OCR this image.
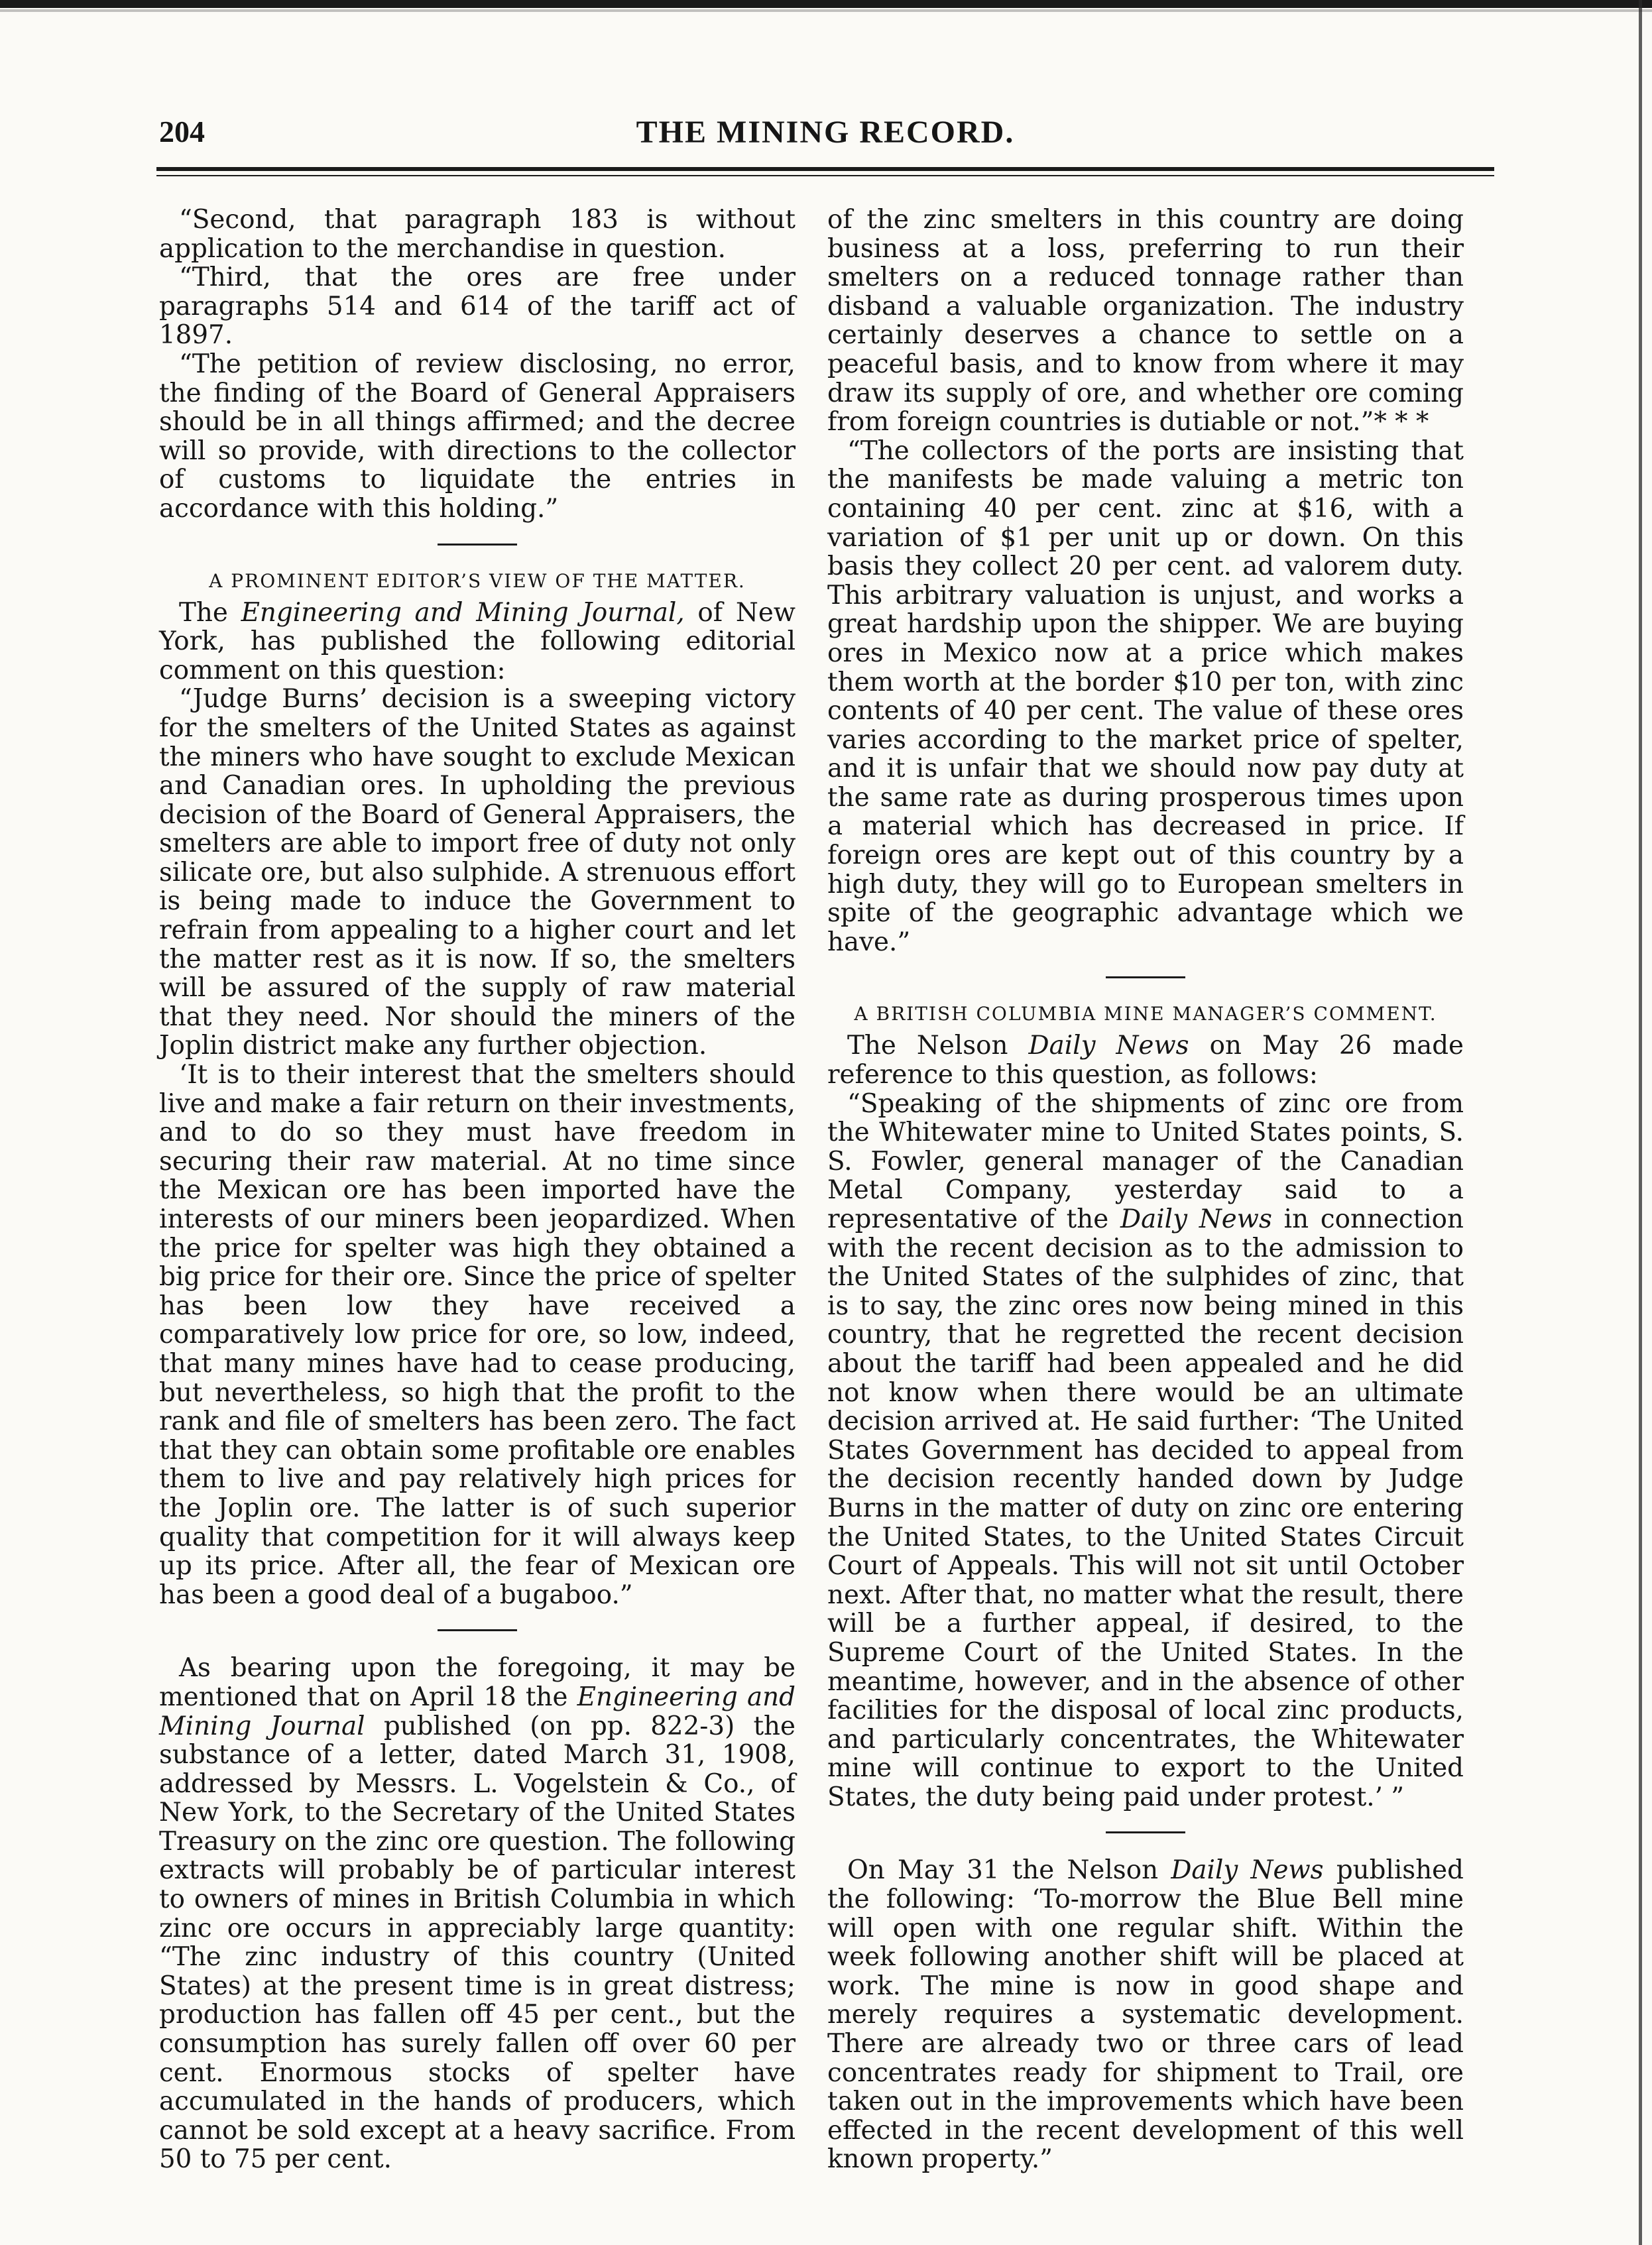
204	THE MINING RECORD.

“Second, that paragraph 183 is without application to the merchandise in question.

“Third, that the ores are free under paragraphs 514 and 614 of the tariff act of 1897.

“The petition of review disclosing, no error, the finding of the Board of General Appraisers should be in all things affirmed; and the decree will so provide, with directions to the collector of customs to liquidate the entries in accordance with this holding.”

A PROMINENT EDITOR’S VIEW OF THE MATTER.

The Engineering and Mining Journal, of New York, has published the following editorial comment on this question:

“Judge Burns’ decision is a sweeping victory for the smelters of the United States as against the miners who have sought to exclude Mexican and Canadian ores. In upholding the previous decision of the Board of General Appraisers, the smelters are able to import free of duty not only silicate ore, but also sulphide. A strenuous effort is being made to induce the Government to refrain from appealing to a higher court and let the matter rest as it is now. If so, the smelters will be assured of the supply of raw material that they need. Nor should the miners of the Joplin district make any further objection.

‘It is to their interest that the smelters should live and make a fair return on their investments, and to do so they must have freedom in securing their raw material. At no time since the Mexican ore has been imported have the interests of our miners been jeopardized. When the price for spelter was high they obtained a big price for their ore. Since the price of spelter has been low they have received a comparatively low price for ore, so low, indeed, that many mines have had to cease producing, but nevertheless, so high that the profit to the rank and file of smelters has been zero. The fact that they can obtain some profitable ore enables them to live and pay relatively high prices for the Joplin ore. The latter is of such superior quality that competition for it will always keep up its price. After all, the fear of Mexican ore has been a good deal of a bugaboo.”

As bearing upon the foregoing, it may be mentioned that on April 18 the Engineering and Mining Journal published (on pp. 822-3) the substance of a letter, dated March 31, 1908, addressed by Messrs. L. Vogelstein & Co., of New York, to the Secretary of the United States Treasury on the zinc ore question. The following extracts will probably be of particular interest to owners of mines in British Columbia in which zinc ore occurs in appreciably large quantity: “The zinc industry of this country (United States) at the present time is in great distress; production has fallen off 45 per cent., but the consumption has surely fallen off over 60 per cent. Enormous stocks of spelter have accumulated in the hands of producers, which cannot be sold except at a heavy sacrifice. From 50 to 75 per cent.

of the zinc smelters in this country are doing business at a loss, preferring to run their smelters on a reduced tonnage rather than disband a valuable organization. The industry certainly deserves a chance to settle on a peaceful basis, and to know from where it may draw its supply of ore, and whether ore coming from foreign countries is dutiable or not.”* * *

“The collectors of the ports are insisting that the manifests be made valuing a metric ton containing 40 per cent. zinc at $16, with a variation of $1 per unit up or down. On this basis they collect 20 per cent. ad valorem duty. This arbitrary valuation is unjust, and works a great hardship upon the shipper. We are buying ores in Mexico now at a price which makes them worth at the border $10 per ton, with zinc contents of 40 per cent. The value of these ores varies according to the market price of spelter, and it is unfair that we should now pay duty at the same rate as during prosperous times upon a material which has decreased in price. If foreign ores are kept out of this country by a high duty, they will go to European smelters in spite of the geographic advantage which we have.”

A BRITISH COLUMBIA MINE MANAGER’S COMMENT.

The Nelson Daily News on May 26 made reference to this question, as follows:

“Speaking of the shipments of zinc ore from the Whitewater mine to United States points, S. S. Fowler, general manager of the Canadian Metal Company, yesterday said to a representative of the Daily News in connection with the recent decision as to the admission to the United States of the sulphides of zinc, that is to say, the zinc ores now being mined in this country, that he regretted the recent decision about the tariff had been appealed and he did not know when there would be an ultimate decision arrived at. He said further: ‘The United States Government has decided to appeal from the decision recently handed down by Judge Burns in the matter of duty on zinc ore entering the United States, to the United States Circuit Court of Appeals. This will not sit until October next. After that, no matter what the result, there will be a further appeal, if desired, to the Supreme Court of the United States. In the meantime, however, and in the absence of other facilities for the disposal of local zinc products, and particularly concentrates, the Whitewater mine will continue to export to the United States, the duty being paid under protest.’ ”

On May 31 the Nelson Daily News published the following: ‘To-morrow the Blue Bell mine will open with one regular shift. Within the week following another shift will be placed at work. The mine is now in good shape and merely requires a systematic development. There are already two or three cars of lead concentrates ready for shipment to Trail, ore taken out in the improvements which have been effected in the recent development of this well known property.”
